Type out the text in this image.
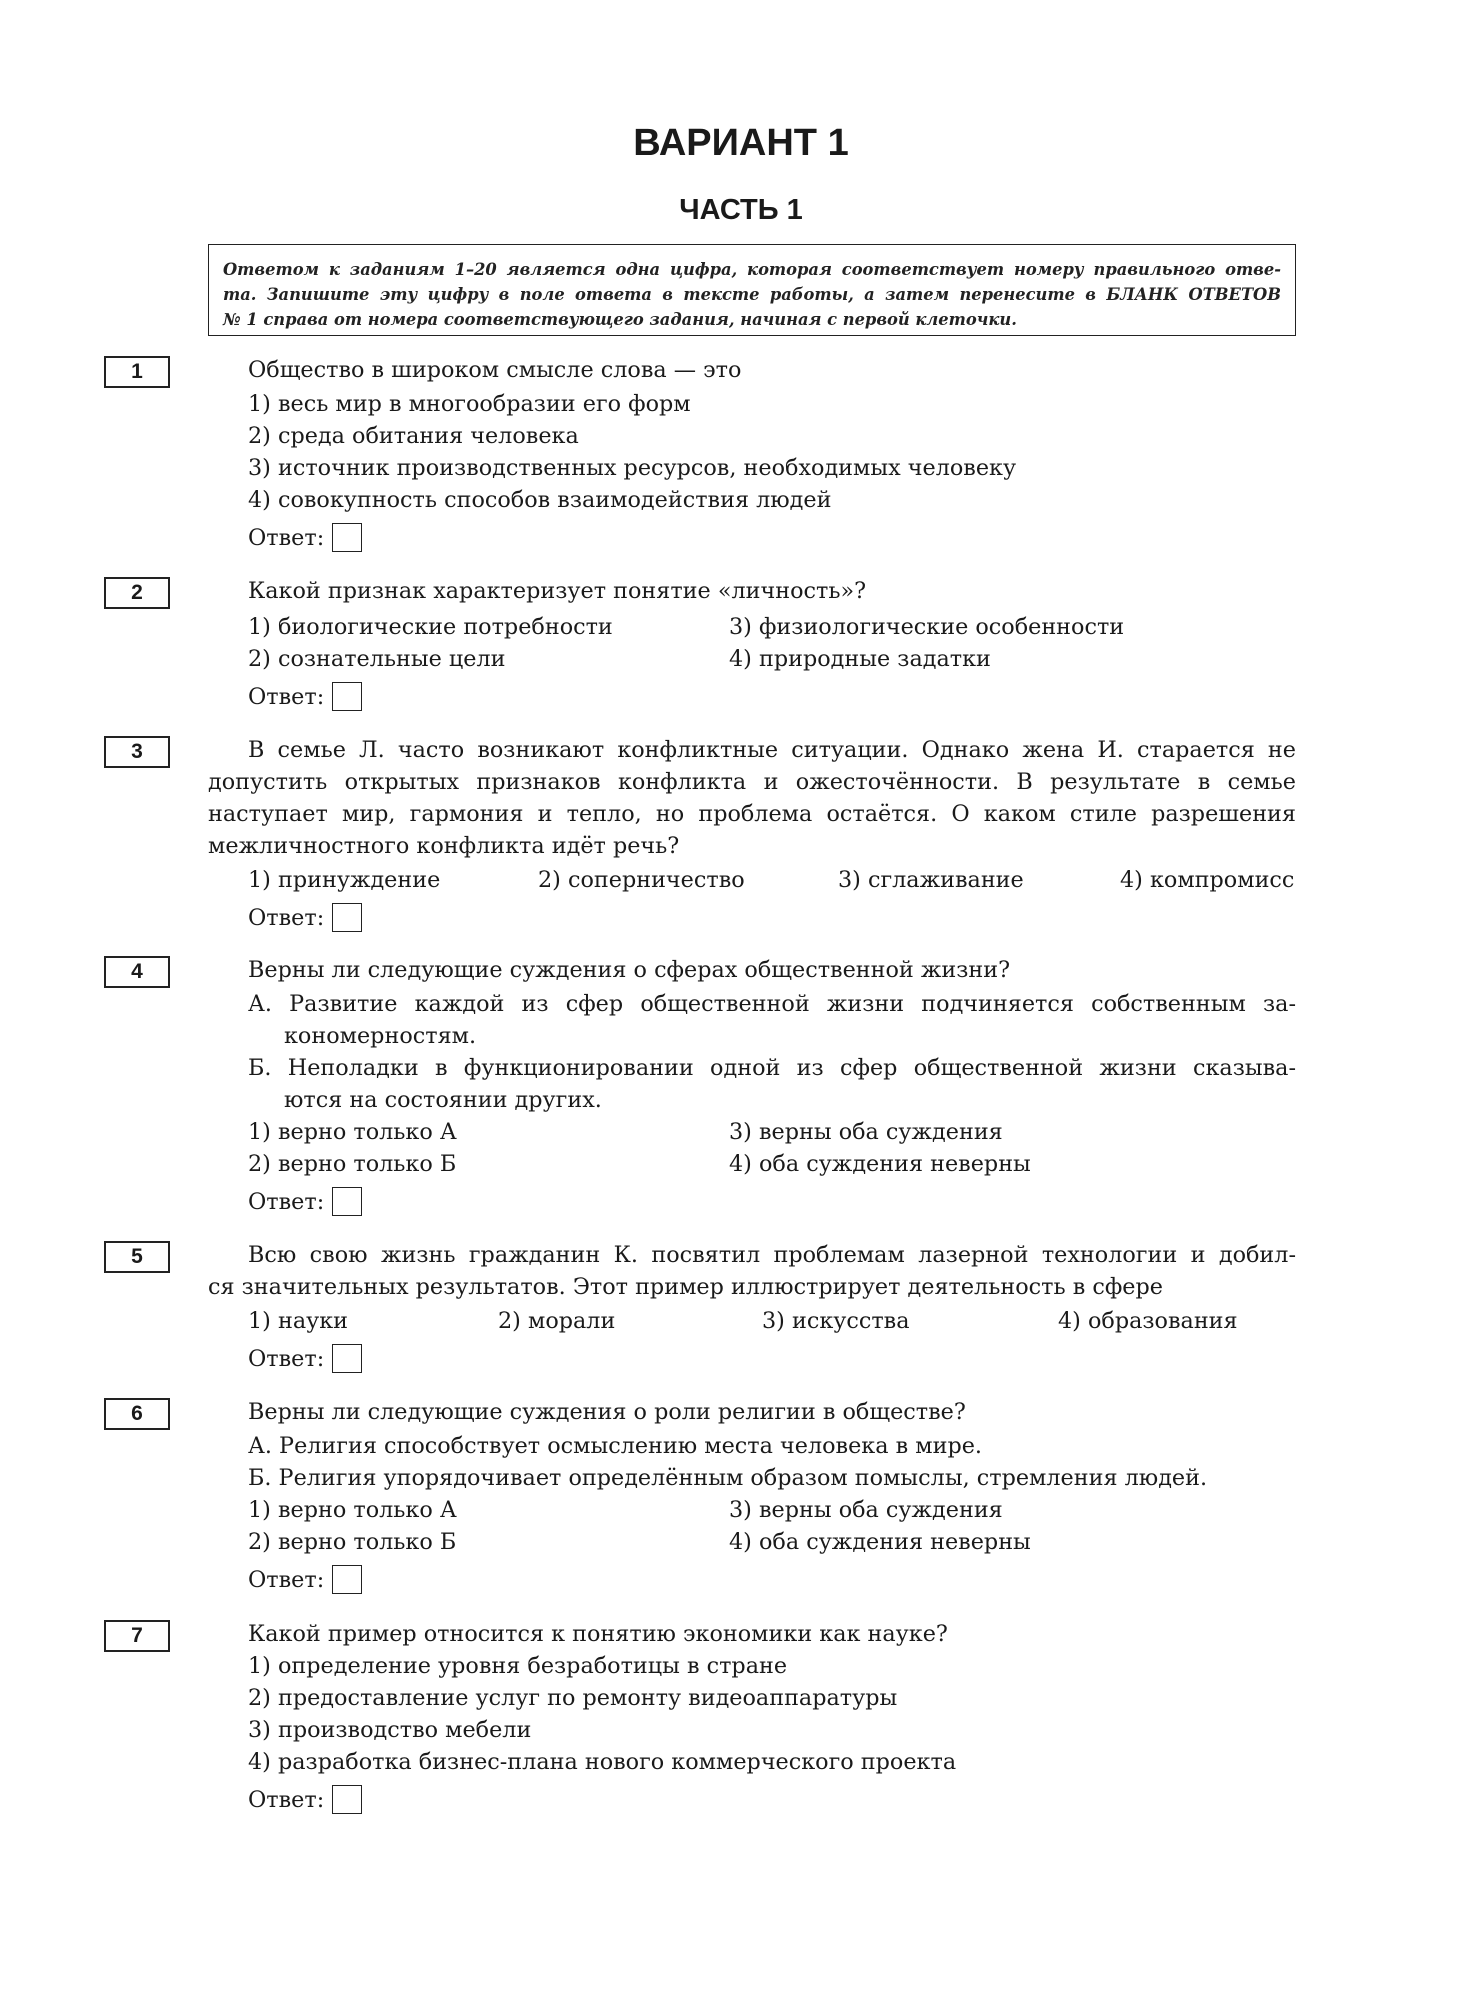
ВАРИАНТ 1
ЧАСТЬ 1
Ответом к заданиям 1–20 является одна цифра, которая соответствует номеру правильного отве-
та. Запишите эту цифру в поле ответа в тексте работы, а затем перенесите в БЛАНК ОТВЕТОВ
№ 1 справа от номера соответствующего задания, начиная с первой клеточки.
1	Общество в широком смысле слова — это
1) весь мир в многообразии его форм
2) среда обитания человека
3) источник производственных ресурсов, необходимых человеку
4) совокупность способов взаимодействия людей
Ответ:
2	Какой признак характеризует понятие «личность»?
1) биологические потребности	3) физиологические особенности
2) сознательные цели	4) природные задатки
Ответ:
3	В семье Л. часто возникают конфликтные ситуации. Однако жена И. старается не
допустить открытых признаков конфликта и ожесточённости. В результате в семье
наступает мир, гармония и тепло, но проблема остаётся. О каком стиле разрешения
межличностного конфликта идёт речь?
1) принуждение	2) соперничество	3) сглаживание	4) компромисс
Ответ:
4	Верны ли следующие суждения о сферах общественной жизни?
А. Развитие каждой из сфер общественной жизни подчиняется собственным за-
кономерностям.
Б. Неполадки в функционировании одной из сфер общественной жизни сказыва-
ются на состоянии других.
1) верно только А	3) верны оба суждения
2) верно только Б	4) оба суждения неверны
Ответ:
5	Всю свою жизнь гражданин К. посвятил проблемам лазерной технологии и добил-
ся значительных результатов. Этот пример иллюстрирует деятельность в сфере
1) науки	2) морали	3) искусства	4) образования
Ответ:
6	Верны ли следующие суждения о роли религии в обществе?
А. Религия способствует осмыслению места человека в мире.
Б. Религия упорядочивает определённым образом помыслы, стремления людей.
1) верно только А	3) верны оба суждения
2) верно только Б	4) оба суждения неверны
Ответ:
7	Какой пример относится к понятию экономики как науке?
1) определение уровня безработицы в стране
2) предоставление услуг по ремонту видеоаппаратуры
3) производство мебели
4) разработка бизнес-плана нового коммерческого проекта
Ответ:
